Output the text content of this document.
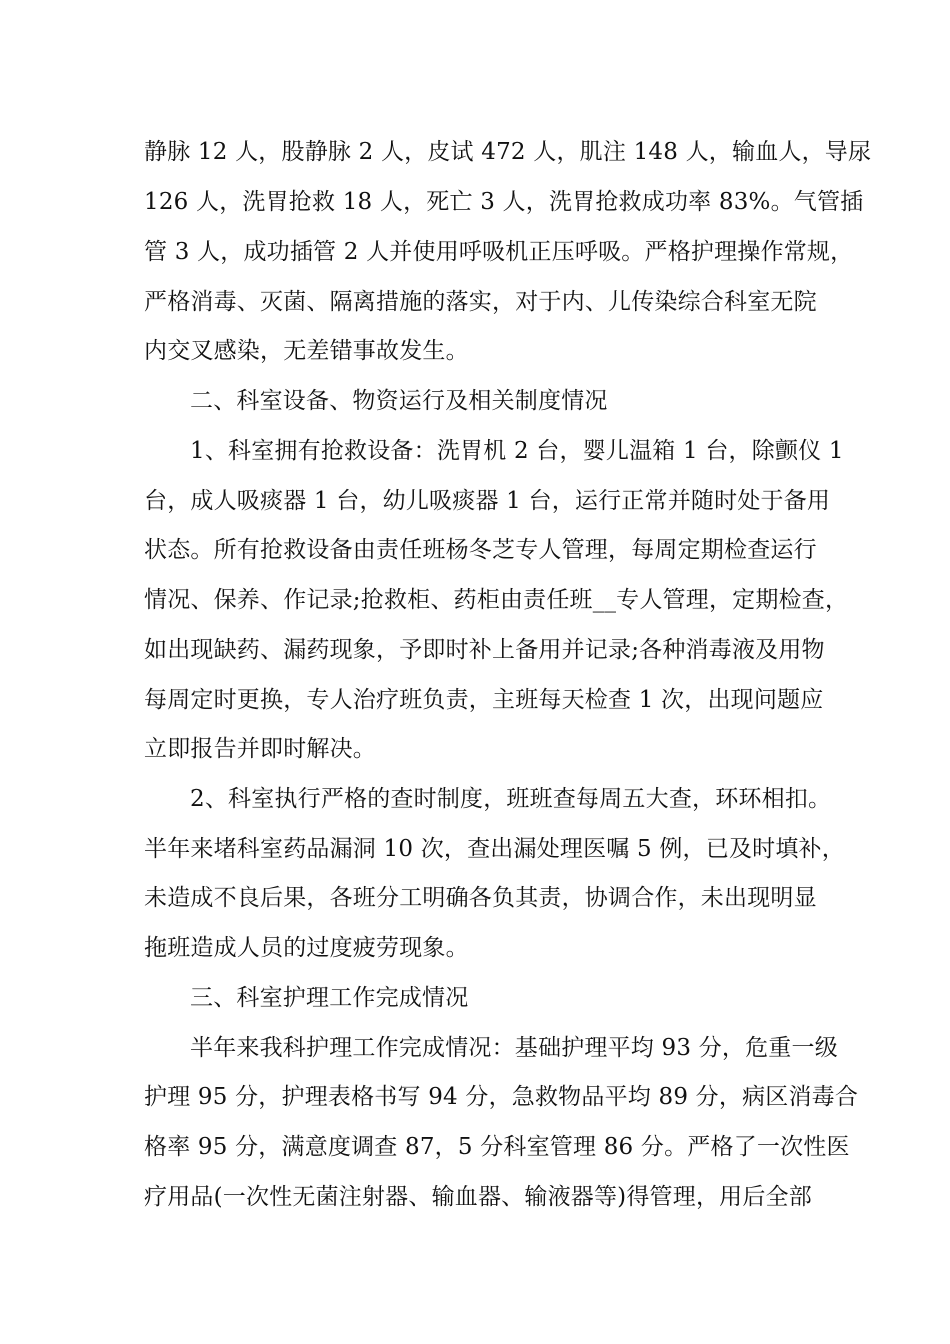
静脉 12 人，股静脉 2 人，皮试 472 人，肌注 148 人，输血人，导尿
126 人，洗胃抢救 18 人，死亡 3 人，洗胃抢救成功率 83%。气管插
管 3 人，成功插管 2 人并使用呼吸机正压呼吸。严格护理操作常规，
严格消毒、灭菌、隔离措施的落实，对于内、儿传染综合科室无院
内交叉感染，无差错事故发生。
二、科室设备、物资运行及相关制度情况
1、科室拥有抢救设备：洗胃机 2 台，婴儿温箱 1 台，除颤仪 1
台，成人吸痰器 1 台，幼儿吸痰器 1 台，运行正常并随时处于备用
状态。所有抢救设备由责任班杨冬芝专人管理，每周定期检查运行
情况、保养、作记录;抢救柜、药柜由责任班__专人管理，定期检查，
如出现缺药、漏药现象，予即时补上备用并记录;各种消毒液及用物
每周定时更换，专人治疗班负责，主班每天检查 1 次，出现问题应
立即报告并即时解决。
2、科室执行严格的查时制度，班班查每周五大查，环环相扣。
半年来堵科室药品漏洞 10 次，查出漏处理医嘱 5 例，已及时填补，
未造成不良后果，各班分工明确各负其责，协调合作，未出现明显
拖班造成人员的过度疲劳现象。
三、科室护理工作完成情况
半年来我科护理工作完成情况：基础护理平均 93 分，危重一级
护理 95 分，护理表格书写 94 分，急救物品平均 89 分，病区消毒合
格率 95 分，满意度调查 87，5 分科室管理 86 分。严格了一次性医
疗用品(一次性无菌注射器、输血器、输液器等)得管理，用后全部
